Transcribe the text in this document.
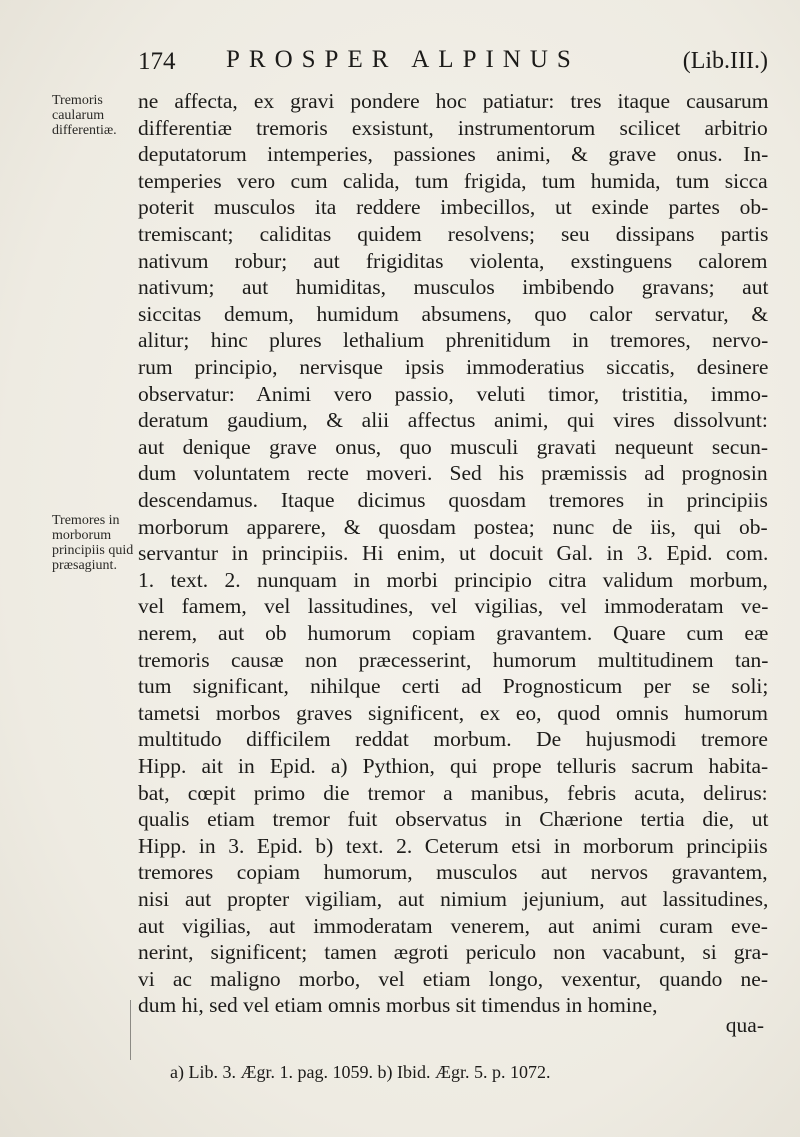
174 PROSPER ALPINUS	(Lib.III.)
Tremoris caularum differentiæ.
Tremores in morborum principiis quid præsagiunt.
ne affecta, ex gravi pondere hoc patiatur: tres itaque causarum
differentiæ tremoris exsistunt, instrumentorum scilicet arbitrio
deputatorum intemperies, passiones animi, & grave onus. In-
temperies vero cum calida, tum frigida, tum humida, tum sicca
poterit musculos ita reddere imbecillos, ut exinde partes ob-
tremiscant; caliditas quidem resolvens; seu dissipans partis
nativum robur; aut frigiditas violenta, exstinguens calorem
nativum; aut humiditas, musculos imbibendo gravans; aut
siccitas demum, humidum absumens, quo calor servatur, &
alitur; hinc plures lethalium phrenitidum in tremores, nervo-
rum principio, nervisque ipsis immoderatius siccatis, desinere
observatur: Animi vero passio, veluti timor, tristitia, immo-
deratum gaudium, & alii affectus animi, qui vires dissolvunt:
aut denique grave onus, quo musculi gravati nequeunt secun-
dum voluntatem recte moveri. Sed his præmissis ad prognosin
descendamus. Itaque dicimus quosdam tremores in principiis
morborum apparere, & quosdam postea; nunc de iis, qui ob-
servantur in principiis. Hi enim, ut docuit Gal. in 3. Epid. com.
1. text. 2. nunquam in morbi principio citra validum morbum,
vel famem, vel lassitudines, vel vigilias, vel immoderatam ve-
nerem, aut ob humorum copiam gravantem. Quare cum eæ
tremoris causæ non præcesserint, humorum multitudinem tan-
tum significant, nihilque certi ad Prognosticum per se soli;
tametsi morbos graves significent, ex eo, quod omnis humorum
multitudo difficilem reddat morbum. De hujusmodi tremore
Hipp. ait in Epid. a) Pythion, qui prope telluris sacrum habita-
bat, cœpit primo die tremor a manibus, febris acuta, delirus:
qualis etiam tremor fuit observatus in Chærione tertia die, ut
Hipp. in 3. Epid. b) text. 2. Ceterum etsi in morborum principiis
tremores copiam humorum, musculos aut nervos gravantem,
nisi aut propter vigiliam, aut nimium jejunium, aut lassitudines,
aut vigilias, aut immoderatam venerem, aut animi curam eve-
nerint, significent; tamen ægroti periculo non vacabunt, si gra-
vi ac maligno morbo, vel etiam longo, vexentur, quando ne-
dum hi, sed vel etiam omnis morbus sit timendus in homine,
qua-
a) Lib. 3. Ægr. 1. pag. 1059. b) Ibid. Ægr. 5. p. 1072.
